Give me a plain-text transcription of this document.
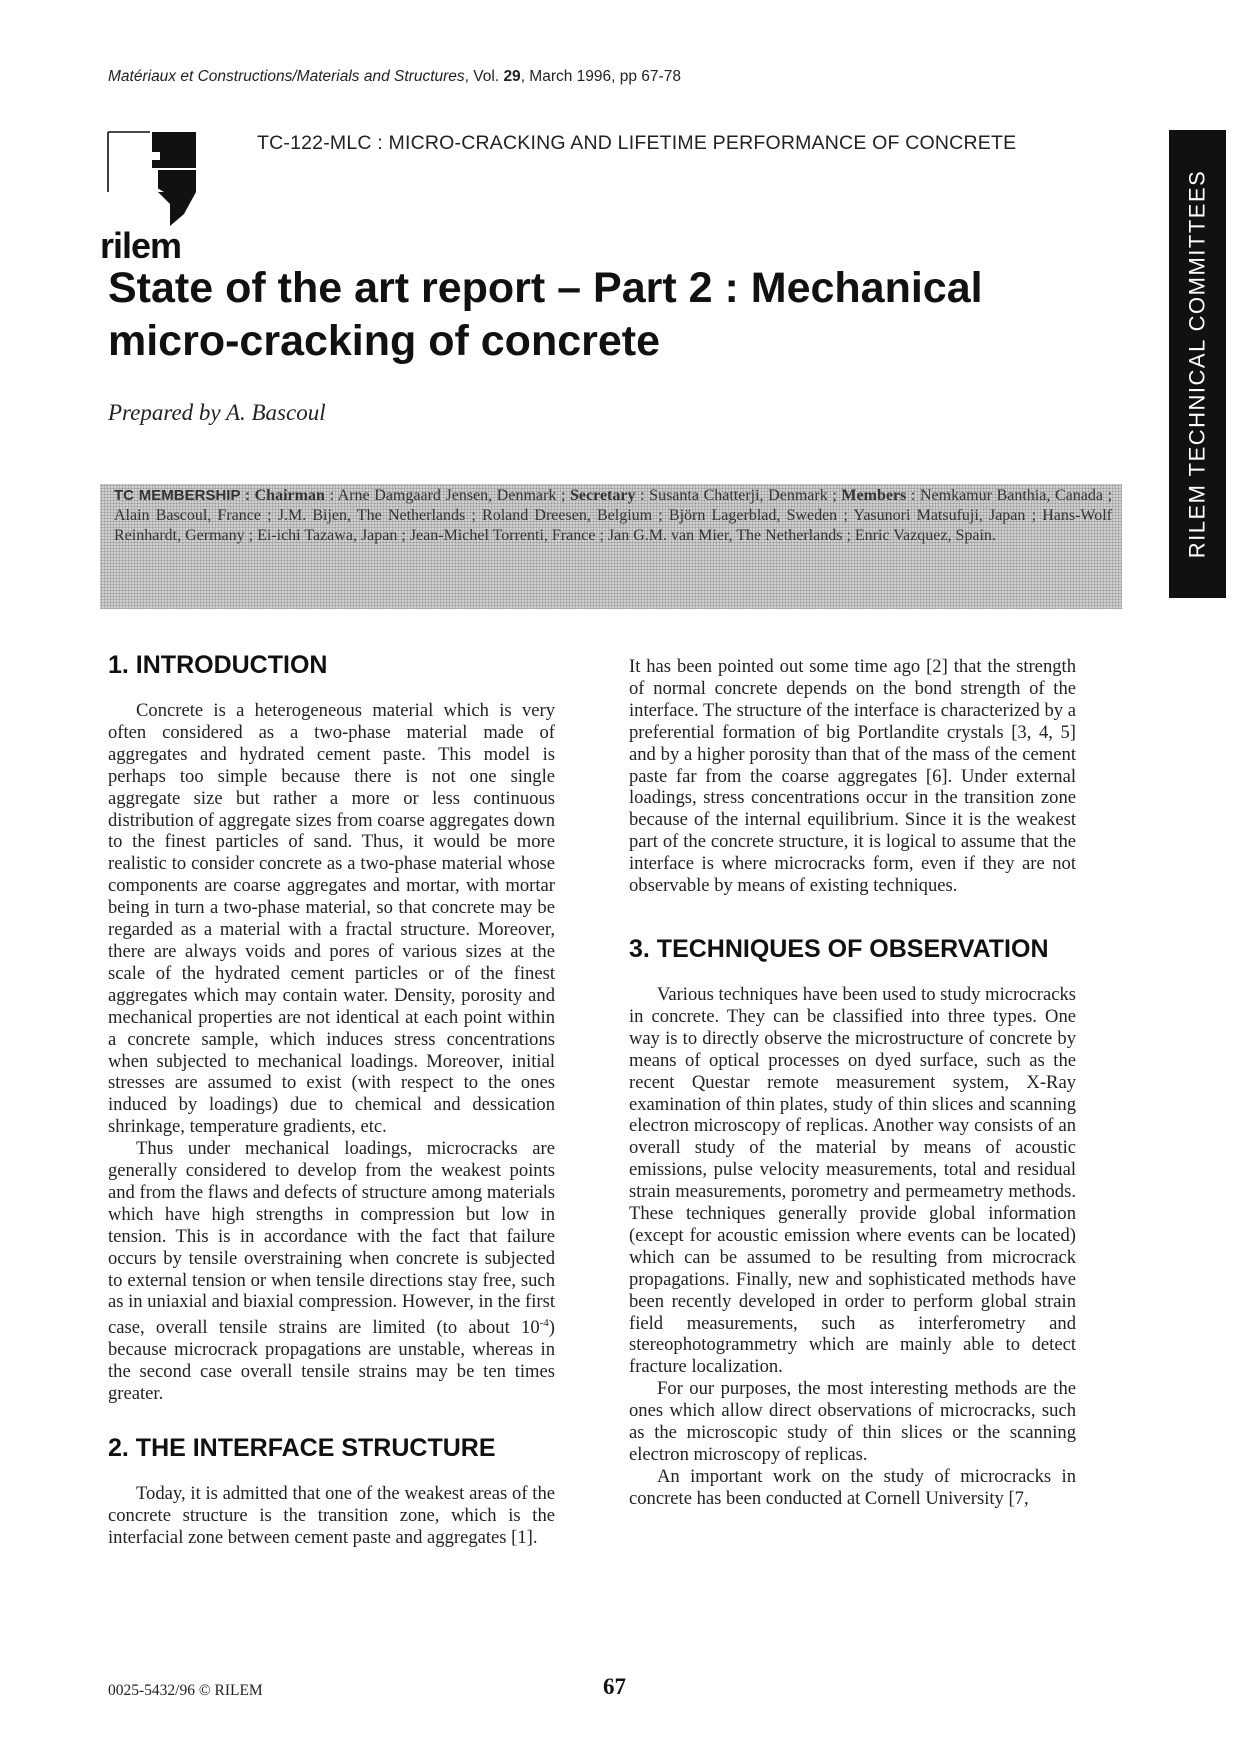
Matériaux et Constructions/Materials and Structures, Vol. 29, March 1996, pp 67-78
rilem
TC-122-MLC : MICRO-CRACKING AND LIFETIME PERFORMANCE OF CONCRETE
State of the art report – Part 2 : Mechanical
micro-cracking of concrete
Prepared by A. Bascoul	RILEM TECHNICAL COMMITTEES
TC MEMBERSHIP : Chairman : Arne Damgaard Jensen, Denmark ; Secretary : Susanta Chatterji, Denmark ; Members : Nemkamur Banthia, Canada ; Alain Bascoul, France ; J.M. Bijen, The Netherlands ; Roland Dreesen, Belgium ; Björn Lagerblad, Sweden ; Yasunori Matsufuji, Japan ; Hans-Wolf Reinhardt, Germany ; Ei-ichi Tazawa, Japan ; Jean-Michel Torrenti, France ; Jan G.M. van Mier, The Netherlands ; Enric Vazquez, Spain.
1. INTRODUCTION

Concrete is a heterogeneous material which is very often considered as a two-phase material made of aggregates and hydrated cement paste. This model is perhaps too simple because there is not one single aggregate size but rather a more or less continuous distribution of aggregate sizes from coarse aggregates down to the finest particles of sand. Thus, it would be more realistic to consider concrete as a two-phase material whose components are coarse aggregates and mortar, with mortar being in turn a two-phase material, so that concrete may be regarded as a material with a fractal structure. Moreover, there are always voids and pores of various sizes at the scale of the hydrated cement particles or of the finest aggregates which may contain water. Density, porosity and mechanical properties are not identical at each point within a concrete sample, which induces stress concentrations when subjected to mechanical loadings. Moreover, initial stresses are assumed to exist (with respect to the ones induced by loadings) due to chemical and dessication shrinkage, temperature gradients, etc.

Thus under mechanical loadings, microcracks are generally considered to develop from the weakest points and from the flaws and defects of structure among materials which have high strengths in compression but low in tension. This is in accordance with the fact that failure occurs by tensile overstraining when concrete is subjected to external tension or when tensile directions stay free, such as in uniaxial and biaxial compression. However, in the first case, overall tensile strains are limited (to about $10^{-4}$) because microcrack propagations are unstable, whereas in the second case overall tensile strains may be ten times greater.

2. THE INTERFACE STRUCTURE

Today, it is admitted that one of the weakest areas of the concrete structure is the transition zone, which is the interfacial zone between cement paste and aggregates [1].

It has been pointed out some time ago [2] that the strength of normal concrete depends on the bond strength of the interface. The structure of the interface is characterized by a preferential formation of big Portlandite crystals [3, 4, 5] and by a higher porosity than that of the mass of the cement paste far from the coarse aggregates [6]. Under external loadings, stress concentrations occur in the transition zone because of the internal equilibrium. Since it is the weakest part of the concrete structure, it is logical to assume that the interface is where microcracks form, even if they are not observable by means of existing techniques.

3. TECHNIQUES OF OBSERVATION

Various techniques have been used to study microcracks in concrete. They can be classified into three types. One way is to directly observe the microstructure of concrete by means of optical processes on dyed surface, such as the recent Questar remote measurement system, X-Ray examination of thin plates, study of thin slices and scanning electron microscopy of replicas. Another way consists of an overall study of the material by means of acoustic emissions, pulse velocity measurements, total and residual strain measurements, porometry and permeametry methods. These techniques generally provide global information (except for acoustic emission where events can be located) which can be assumed to be resulting from microcrack propagations. Finally, new and sophisticated methods have been recently developed in order to perform global strain field measurements, such as interferometry and stereophotogrammetry which are mainly able to detect fracture localization.

For our purposes, the most interesting methods are the ones which allow direct observations of microcracks, such as the microscopic study of thin slices or the scanning electron microscopy of replicas.

An important work on the study of microcracks in concrete has been conducted at Cornell University [7,

0025-5432/96 © RILEM	67
